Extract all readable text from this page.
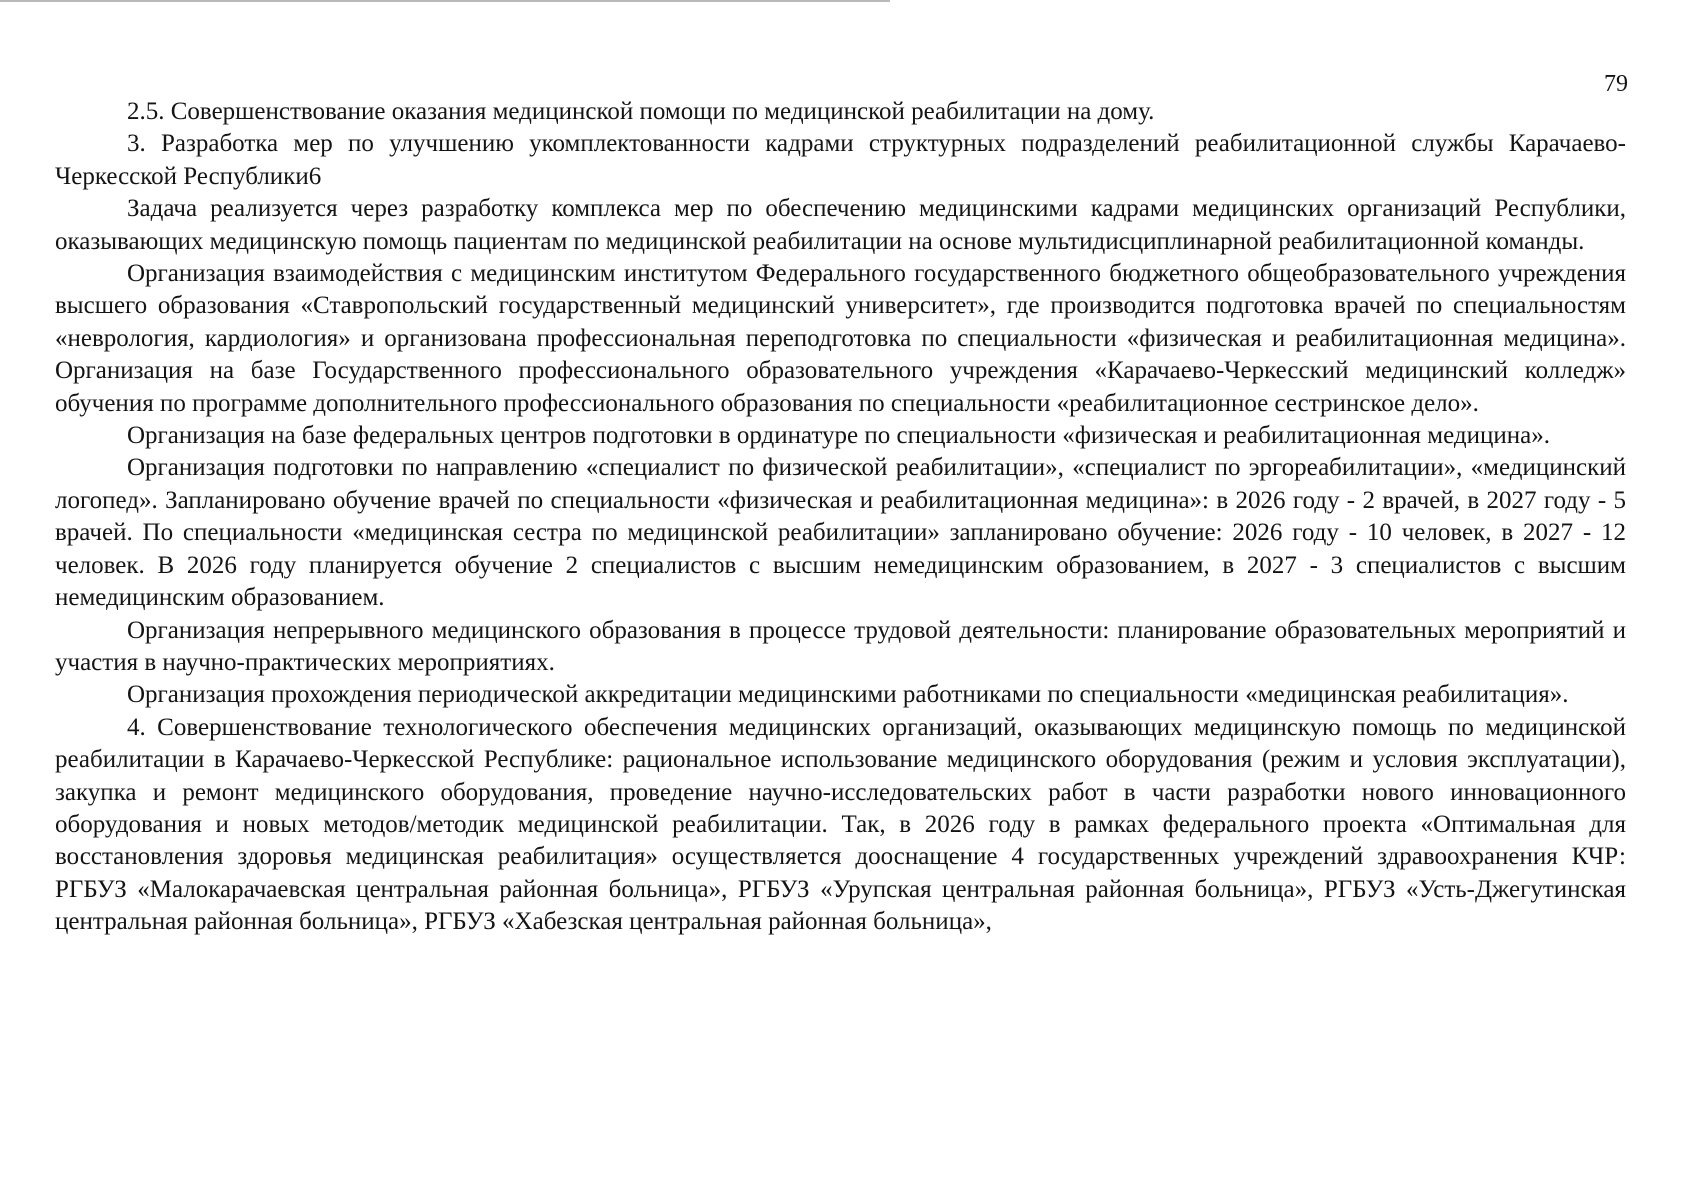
79

2.5. Совершенствование оказания медицинской помощи по медицинской реабилитации на дому.

3. Разработка мер по улучшению укомплектованности кадрами структурных подразделений реабилитационной службы Карачаево-Черкесской Республики6

Задача реализуется через разработку комплекса мер по обеспечению медицинскими кадрами медицинских организаций Республики, оказывающих медицинскую помощь пациентам по медицинской реабилитации на основе мультидисциплинарной реабилитационной команды.

Организация взаимодействия с медицинским институтом Федерального государственного бюджетного общеобразовательного учреждения высшего образования «Ставропольский государственный медицинский университет», где производится подготовка врачей по специальностям «неврология, кардиология» и организована профессиональная переподготовка по специальности «физическая и реабилитационная медицина». Организация на базе Государственного профессионального образовательного учреждения «Карачаево-Черкесский медицинский колледж» обучения по программе дополнительного профессионального образования по специальности «реабилитационное сестринское дело».

Организация на базе федеральных центров подготовки в ординатуре по специальности «физическая и реабилитационная медицина».

Организация подготовки по направлению «специалист по физической реабилитации», «специалист по эргореабилитации», «медицинский логопед». Запланировано обучение врачей по специальности «физическая и реабилитационная медицина»: в 2026 году - 2 врачей, в 2027 году - 5 врачей. По специальности «медицинская сестра по медицинской реабилитации» запланировано обучение: 2026 году - 10 человек, в 2027 - 12 человек. В 2026 году планируется обучение 2 специалистов с высшим немедицинским образованием, в 2027 - 3 специалистов с высшим немедицинским образованием.

Организация непрерывного медицинского образования в процессе трудовой деятельности: планирование образовательных мероприятий и участия в научно-практических мероприятиях.

Организация прохождения периодической аккредитации медицинскими работниками по специальности «медицинская реабилитация».

4. Совершенствование технологического обеспечения медицинских организаций, оказывающих медицинскую помощь по медицинской реабилитации в Карачаево-Черкесской Республике: рациональное использование медицинского оборудования (режим и условия эксплуатации), закупка и ремонт медицинского оборудования, проведение научно-исследовательских работ в части разработки нового инновационного оборудования и новых методов/методик медицинской реабилитации. Так, в 2026 году в рамках федерального проекта «Оптимальная для восстановления здоровья медицинская реабилитация» осуществляется дооснащение 4 государственных учреждений здравоохранения КЧР: РГБУЗ «Малокарачаевская центральная районная больница», РГБУЗ «Урупская центральная районная больница», РГБУЗ «Усть-Джегутинская центральная районная больница», РГБУЗ «Хабезская центральная районная больница»,
